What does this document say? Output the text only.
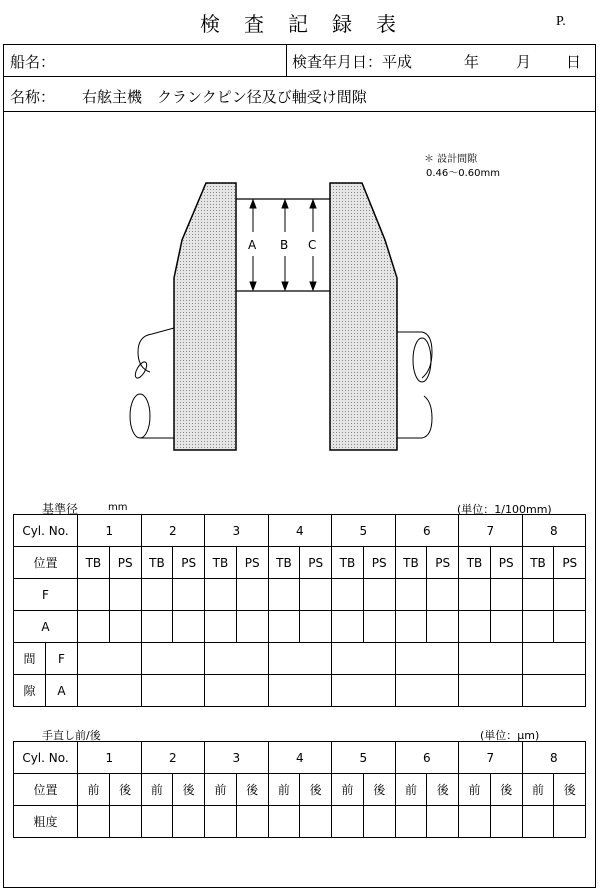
検 査 記 録 表	P.
船名：	検査年月日：平成	年 月 日
名称： 右舷主機　クランクピン径及び軸受け間隙
A B C
＊ 設計間隙
0.46～0.60mm
基準径	mm	(単位：1/100mm)
Cyl. No.		1		2		3		4		5		6		7		8	
位置		TB	PS	TB	PS	TB	PS	TB	PS	TB	PS	TB	PS	TB	PS	TB	PS
F																	
A																	
間	F																
隙	A																
手直し前/後	(単位：μm)
Cyl. No.	1		2		3		4		5		6		7		8	
位置	前	後	前	後	前	後	前	後	前	後	前	後	前	後	前	後
粗度																
